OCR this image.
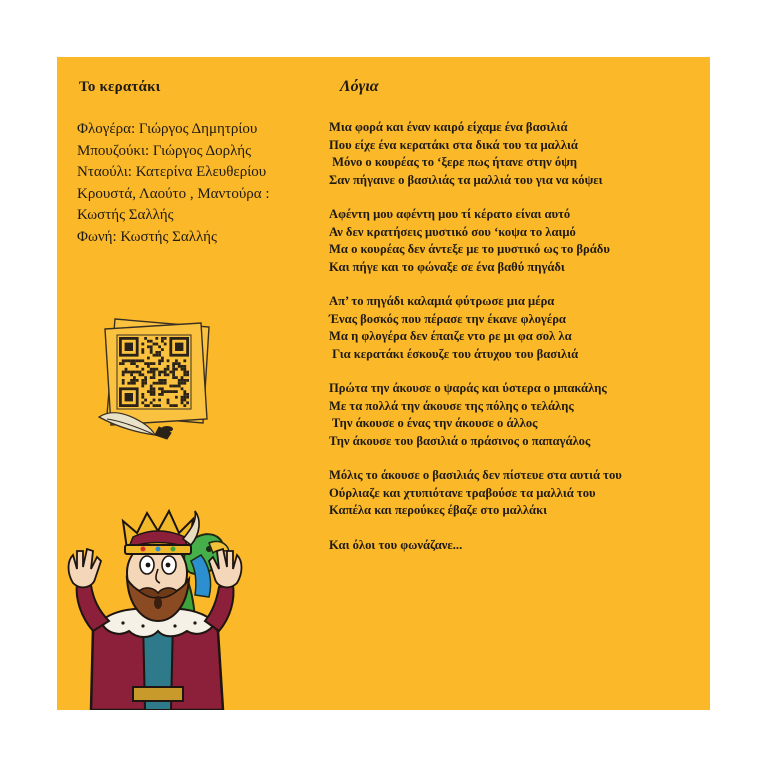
Το κερατάκι
Φλογέρα: Γιώργος Δημητρίου
Μπουζούκι: Γιώργος Δορλής
Νταούλι: Κατερίνα Ελευθερίου
Κρουστά, Λαούτο , Μαντούρα :
Κωστής Σαλλής
Φωνή: Κωστής Σαλλής
Λόγια
Μια φορά και έναν καιρό είχαμε ένα βασιλιά
Που είχε ένα κερατάκι στα δικά του τα μαλλιά
Μόνο ο κουρέας το ‘ξερε πως ήτανε στην όψη
Σαν πήγαινε ο βασιλιάς τα μαλλιά του για να κόψει
Αφέντη μου αφέντη μου τί κέρατο είναι αυτό
Αν δεν κρατήσεις μυστικό σου ‘κοψα το λαιμό
Μα ο κουρέας δεν άντεξε με το μυστικό ως το βράδυ
Και πήγε και το φώναξε σε ένα βαθύ πηγάδι
Απ’ το πηγάδι καλαμιά φύτρωσε μια μέρα
Ένας βοσκός που πέρασε την έκανε φλογέρα
Μα η φλογέρα δεν έπαιζε ντο ρε μι φα σολ λα
Για κερατάκι έσκουζε του άτυχου του βασιλιά
Πρώτα την άκουσε ο ψαράς και ύστερα ο μπακάλης
Με τα πολλά την άκουσε της πόλης ο τελάλης
Την άκουσε ο ένας την άκουσε ο άλλος
Την άκουσε του βασιλιά ο πράσινος ο παπαγάλος
Μόλις το άκουσε ο βασιλιάς δεν πίστευε στα αυτιά του
Ούρλιαζε και χτυπιότανε τραβούσε τα μαλλιά του
Καπέλα και περούκες έβαζε στο μαλλάκι
Και όλοι του φωνάζανε...
